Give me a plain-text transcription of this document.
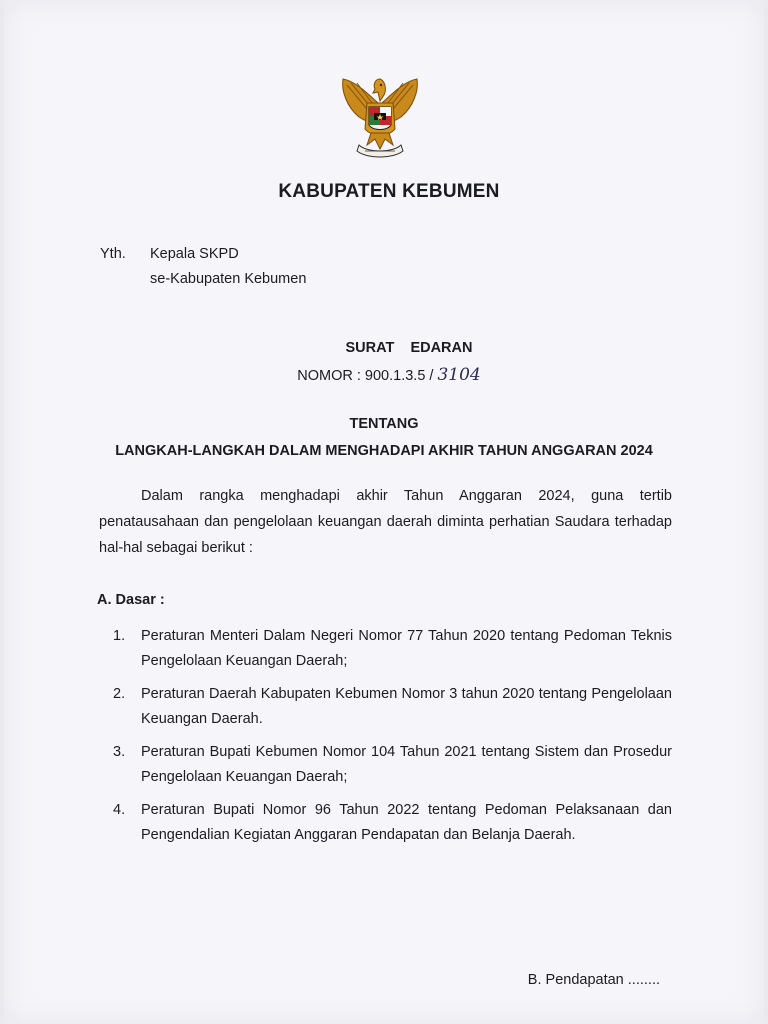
KABUPATEN KEBUMEN
Yth. Kepala SKPD
se-Kabupaten Kebumen
SURAT  EDARAN
NOMOR : 900.1.3.5 / 3104
TENTANG
LANGKAH-LANGKAH DALAM MENGHADAPI AKHIR TAHUN ANGGARAN 2024

Dalam rangka menghadapi akhir Tahun Anggaran 2024, guna tertib penatausahaan dan pengelolaan keuangan daerah diminta perhatian Saudara terhadap hal-hal sebagai berikut :

A. Dasar :
1. Peraturan Menteri Dalam Negeri Nomor 77 Tahun 2020 tentang Pedoman Teknis  Pengelolaan Keuangan Daerah;
2. Peraturan Daerah Kabupaten Kebumen Nomor 3 tahun 2020 tentang Pengelolaan Keuangan Daerah.
3. Peraturan Bupati Kebumen Nomor 104 Tahun 2021 tentang Sistem dan Prosedur Pengelolaan Keuangan Daerah;
4. Peraturan Bupati Nomor 96 Tahun 2022 tentang Pedoman Pelaksanaan dan Pengendalian Kegiatan Anggaran Pendapatan dan Belanja Daerah.
B. Pendapatan ........
